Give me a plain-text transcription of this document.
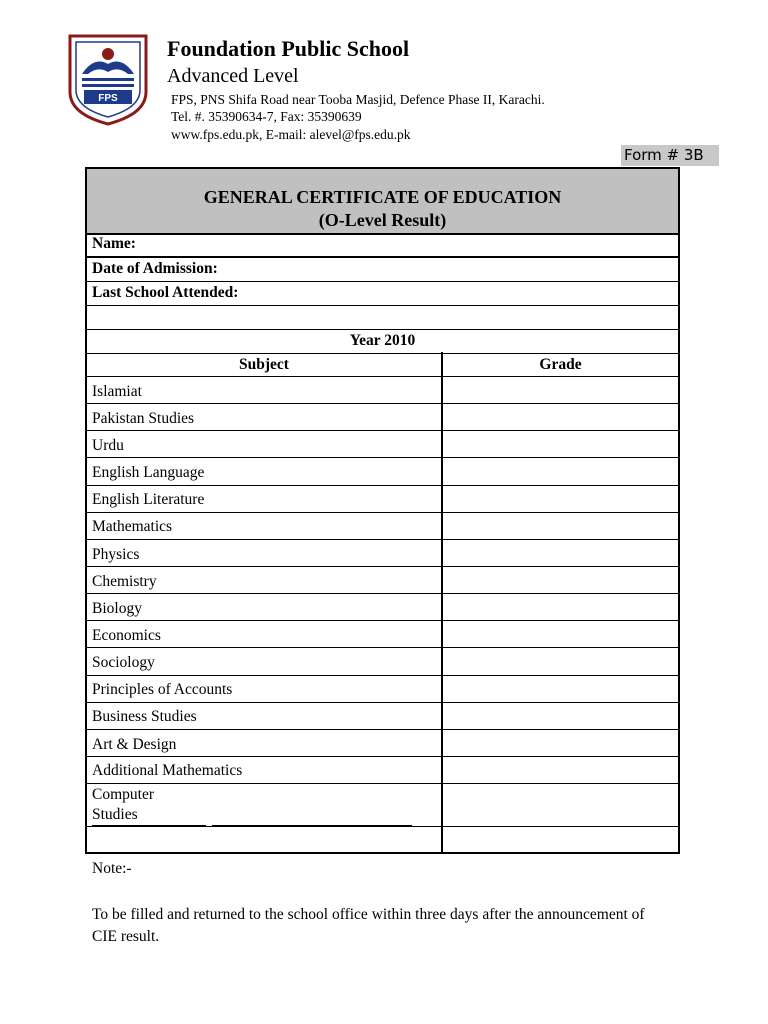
FPS
Foundation Public School
Advanced Level
FPS, PNS Shifa Road near Tooba Masjid, Defence Phase II, Karachi.
Tel. #. 35390634-7, Fax: 35390639
www.fps.edu.pk, E-mail: alevel@fps.edu.pk
Form # 3B
GENERAL CERTIFICATE OF EDUCATION
(O-Level Result)
Name:
Date of Admission:
Last School Attended:
Year 2010
Subject	Grade
Islamiat
Pakistan Studies
Urdu
English Language
English Literature
Mathematics
Physics
Chemistry
Biology
Economics
Sociology
Principles of Accounts
Business Studies
Art & Design
Additional Mathematics
Computer
Studies
Note:-
To be filled and returned to the school office within three days after the announcement of CIE result.
